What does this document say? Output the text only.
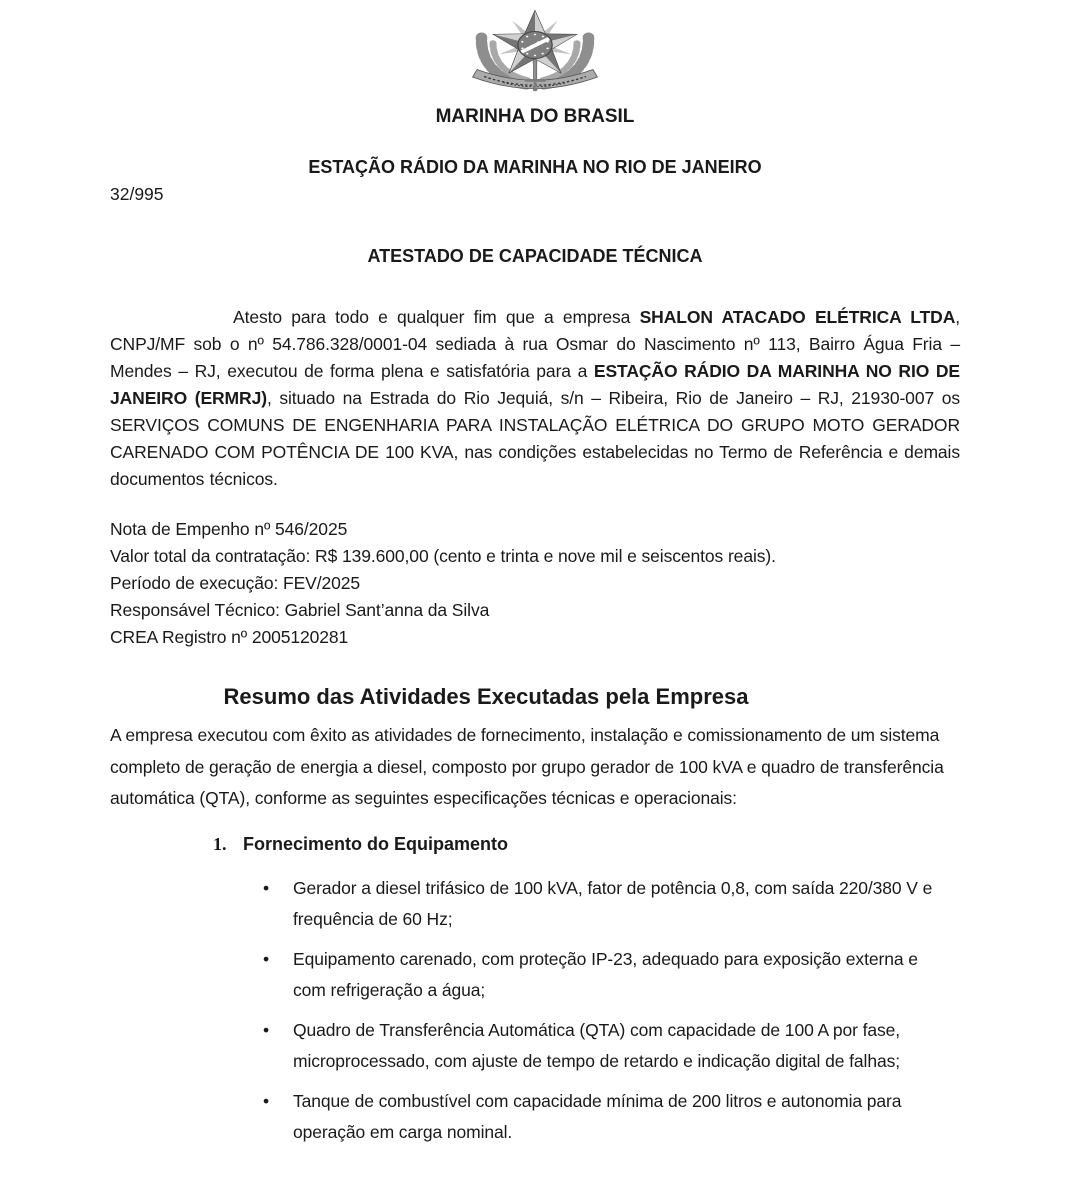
MARINHA DO BRASIL
ESTAÇÃO RÁDIO DA MARINHA NO RIO DE JANEIRO
32/995
ATESTADO DE CAPACIDADE TÉCNICA

Atesto para todo e qualquer fim que a empresa SHALON ATACADO ELÉTRICA LTDA, CNPJ/MF sob o nº 54.786.328/0001-04 sediada à rua Osmar do Nascimento nº 113, Bairro Água Fria – Mendes – RJ, executou de forma plena e satisfatória para a ESTAÇÃO RÁDIO DA MARINHA NO RIO DE JANEIRO (ERMRJ), situado na Estrada do Rio Jequiá, s/n – Ribeira, Rio de Janeiro – RJ, 21930-007 os SERVIÇOS COMUNS DE ENGENHARIA PARA INSTALAÇÃO ELÉTRICA DO GRUPO MOTO GERADOR CARENADO COM POTÊNCIA DE 100 KVA, nas condições estabelecidas no Termo de Referência e demais documentos técnicos.

Nota de Empenho nº 546/2025
Valor total da contratação: R$ 139.600,00 (cento e trinta e nove mil e seiscentos reais).
Período de execução: FEV/2025
Responsável Técnico: Gabriel Sant’anna da Silva
CREA Registro nº 2005120281
Resumo das Atividades Executadas pela Empresa

A empresa executou com êxito as atividades de fornecimento, instalação e comissionamento de um sistema completo de geração de energia a diesel, composto por grupo gerador de 100 kVA e quadro de transferência automática (QTA), conforme as seguintes especificações técnicas e operacionais:

1. Fornecimento do Equipamento
• Gerador a diesel trifásico de 100 kVA, fator de potência 0,8, com saída 220/380 V e frequência de 60 Hz;
• Equipamento carenado, com proteção IP-23, adequado para exposição externa e com refrigeração a água;
• Quadro de Transferência Automática (QTA) com capacidade de 100 A por fase, microprocessado, com ajuste de tempo de retardo e indicação digital de falhas;
• Tanque de combustível com capacidade mínima de 200 litros e autonomia para operação em carga nominal.
